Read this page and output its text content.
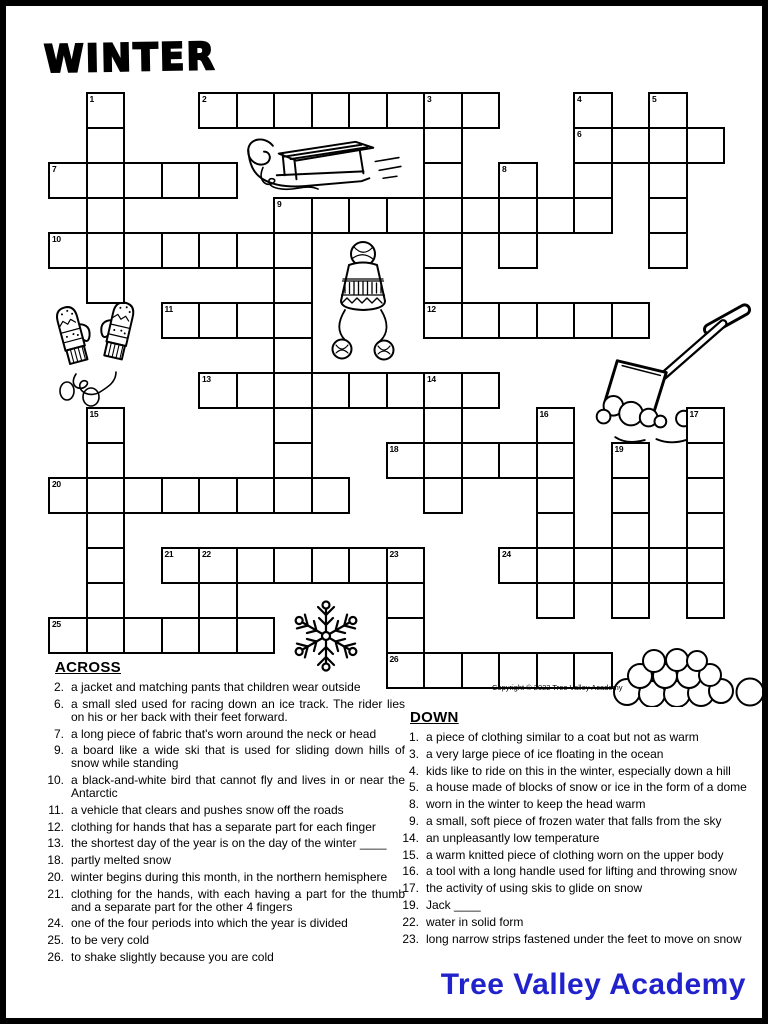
WINTER
1	2	3	4	5
6
7	8
9
10
11	12
13	14
15	16	17
18	19
20
21	22	23	24
25
26
Copyright © 2022 Tree Valley Academy
ACROSS
2. a jacket and matching pants that children wear outside
6. a small sled used for racing down an ice track. The rider lies on his or her back with their feet forward.
7. a long piece of fabric that's worn around the neck or head
9. a board like a wide ski that is used for sliding down hills of snow while standing
10. a black-and-white bird that cannot fly and lives in or near the Antarctic
11. a vehicle that clears and pushes snow off the roads
12. clothing for hands that has a separate part for each finger
13. the shortest day of the year is on the day of the winter ____
18. partly melted snow
20. winter begins during this month, in the northern hemisphere
21. clothing for the hands, with each having a part for the thumb and a separate part for the other 4 fingers
24. one of the four periods into which the year is divided
25. to be very cold
26. to shake slightly because you are cold
DOWN
1. a piece of clothing similar to a coat but not as warm
3. a very large piece of ice floating in the ocean
4. kids like to ride on this in the winter, especially down a hill
5. a house made of blocks of snow or ice in the form of a dome
8. worn in the winter to keep the head warm
9. a small, soft piece of frozen water that falls from the sky
14. an unpleasantly low temperature
15. a warm knitted piece of clothing worn on the upper body
16. a tool with a long handle used for lifting and throwing snow
17. the activity of using skis to glide on snow
19. Jack ____
22. water in solid form
23. long narrow strips fastened under the feet to move on snow

Tree Valley Academy
